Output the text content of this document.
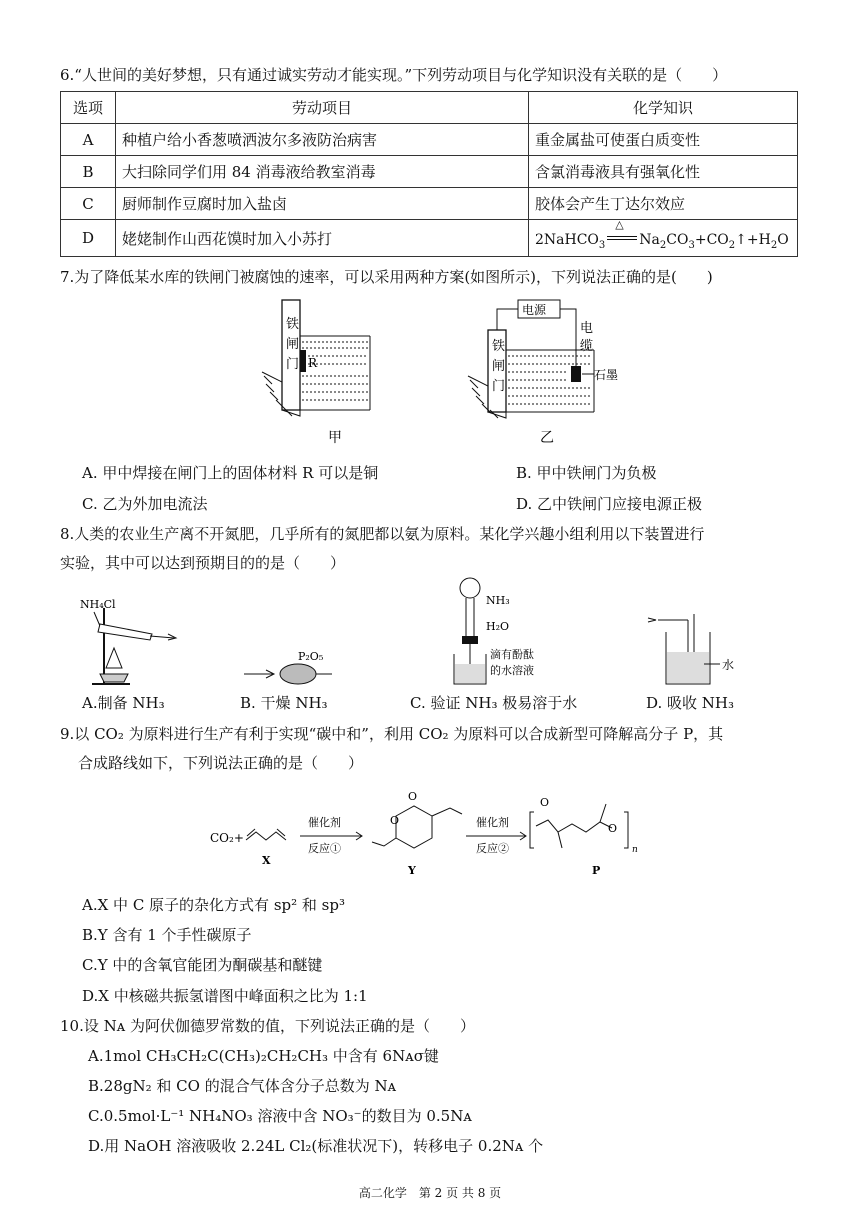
6.“人世间的美好梦想，只有通过诚实劳动才能实现。”下列劳动项目与化学知识没有关联的是（　　）
选项	劳动项目	化学知识
A	种植户给小香葱喷洒波尔多液防治病害	重金属盐可使蛋白质变性
B	大扫除同学们用 84 消毒液给教室消毒	含氯消毒液具有强氧化性
C	厨师制作豆腐时加入盐卤	胶体会产生丁达尔效应
D	姥姥制作山西花馍时加入小苏打	2NaHCO$_3$
△
$Na_2CO_3+CO_2↑+H_2O$
7.为了降低某水库的铁闸门被腐蚀的速率，可以采用两种方案(如图所示)，下列说法正确的是(　　)
铁
闸
门 R
甲
铁
闸
门
电源
电
缆
石墨
乙
A. 甲中焊接在闸门上的固体材料 R 可以是铜	B. 甲中铁闸门为负极
C. 乙为外加电流法	D. 乙中铁闸门应接电源正极
8.人类的农业生产离不开氮肥，几乎所有的氮肥都以氨为原料。某化学兴趣小组利用以下装置进行
实验，其中可以达到预期目的的是（　　）
NH₄Cl
P₂O₅
NH₃
H₂O
滴有酚酞
的水溶液	水
A.制备 NH₃	B. 干燥 NH₃	C. 验证 NH₃ 极易溶于水	D. 吸收 NH₃
9.以 CO₂ 为原料进行生产有利于实现“碳中和”，利用 CO₂ 为原料可以合成新型可降解高分子 P，其
合成路线如下，下列说法正确的是（　　）
CO₂+
X
催化剂
反应①
O
O
Y
催化剂
反应②
O
O
n
P
A.X 中 C 原子的杂化方式有 sp² 和 sp³
B.Y 含有 1 个手性碳原子
C.Y 中的含氧官能团为酮碳基和醚键
D.X 中核磁共振氢谱图中峰面积之比为 1:1
10.设 Nᴀ 为阿伏伽德罗常数的值，下列说法正确的是（　　）
A.1mol CH₃CH₂C(CH₃)₂CH₂CH₃ 中含有 6Nᴀσ键
B.28gN₂ 和 CO 的混合气体含分子总数为 Nᴀ
C.0.5mol·L⁻¹ NH₄NO₃ 溶液中含 NO₃⁻的数目为 0.5Nᴀ
D.用 NaOH 溶液吸收 2.24L Cl₂(标准状况下)，转移电子 0.2Nᴀ 个
高二化学　第 2 页 共 8 页
